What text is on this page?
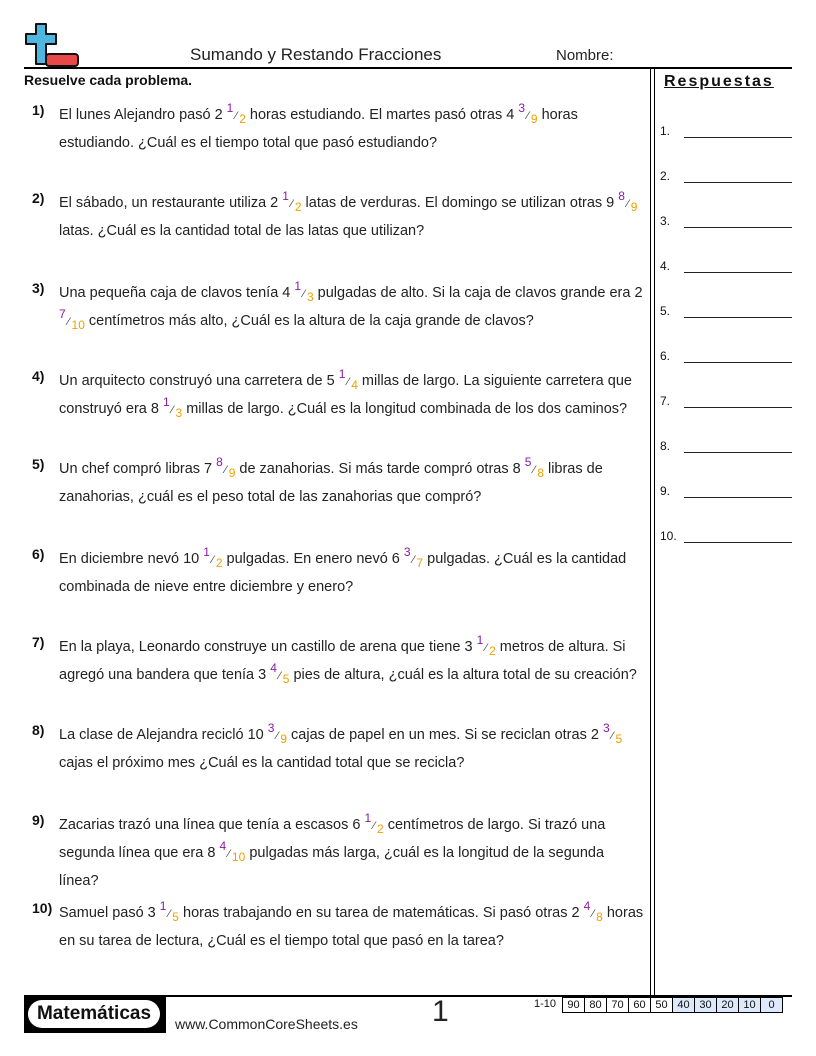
Sumando y Restando Fracciones	Nombre:
Resuelve cada problema.	Respuestas
1.
2.
3.
4.
5.
6.
7.
8.
9.
10.
1) El lunes Alejandro pasó 2 1⁄ 2 horas estudiando. El martes pasó otras 4 3⁄ 9 horas estudiando. ¿Cuál es el tiempo total que pasó estudiando?
2) El sábado, un restaurante utiliza 2 1⁄ 2 latas de verduras. El domingo se utilizan otras 9 8⁄ 9 latas. ¿Cuál es la cantidad total de las latas que utilizan?
3) Una pequeña caja de clavos tenía 4 1⁄ 3 pulgadas de alto. Si la caja de clavos grande era 2 7⁄ 10 centímetros más alto, ¿Cuál es la altura de la caja grande de clavos?
4) Un arquitecto construyó una carretera de 5 1⁄ 4 millas de largo. La siguiente carretera que construyó era 8 1⁄ 3 millas de largo. ¿Cuál es la longitud combinada de los dos caminos?
5) Un chef compró libras 7 8⁄ 9 de zanahorias. Si más tarde compró otras 8 5⁄ 8 libras de zanahorias, ¿cuál es el peso total de las zanahorias que compró?
6) En diciembre nevó 10 1⁄ 2 pulgadas. En enero nevó 6 3⁄ 7 pulgadas. ¿Cuál es la cantidad combinada de nieve entre diciembre y enero?
7) En la playa, Leonardo construye un castillo de arena que tiene 3 1⁄ 2 metros de altura. Si agregó una bandera que tenía 3 4⁄ 5 pies de altura, ¿cuál es la altura total de su creación?
8) La clase de Alejandra recicló 10 3⁄ 9 cajas de papel en un mes. Si se reciclan otras 2 3⁄ 5 cajas el próximo mes ¿Cuál es la cantidad total que se recicla?
9) Zacarias trazó una línea que tenía a escasos 6 1⁄ 2 centímetros de largo. Si trazó una segunda línea que era 8 4⁄ 10 pulgadas más larga, ¿cuál es la longitud de la segunda línea?
10) Samuel pasó 3 1⁄ 5 horas trabajando en su tarea de matemáticas. Si pasó otras 2 4⁄ 8 horas en su tarea de lectura, ¿Cuál es el tiempo total que pasó en la tarea?
Matemáticas	www.CommonCoreSheets.es 1	1-10	90 80 70 60 50 40 30 20 10	0
